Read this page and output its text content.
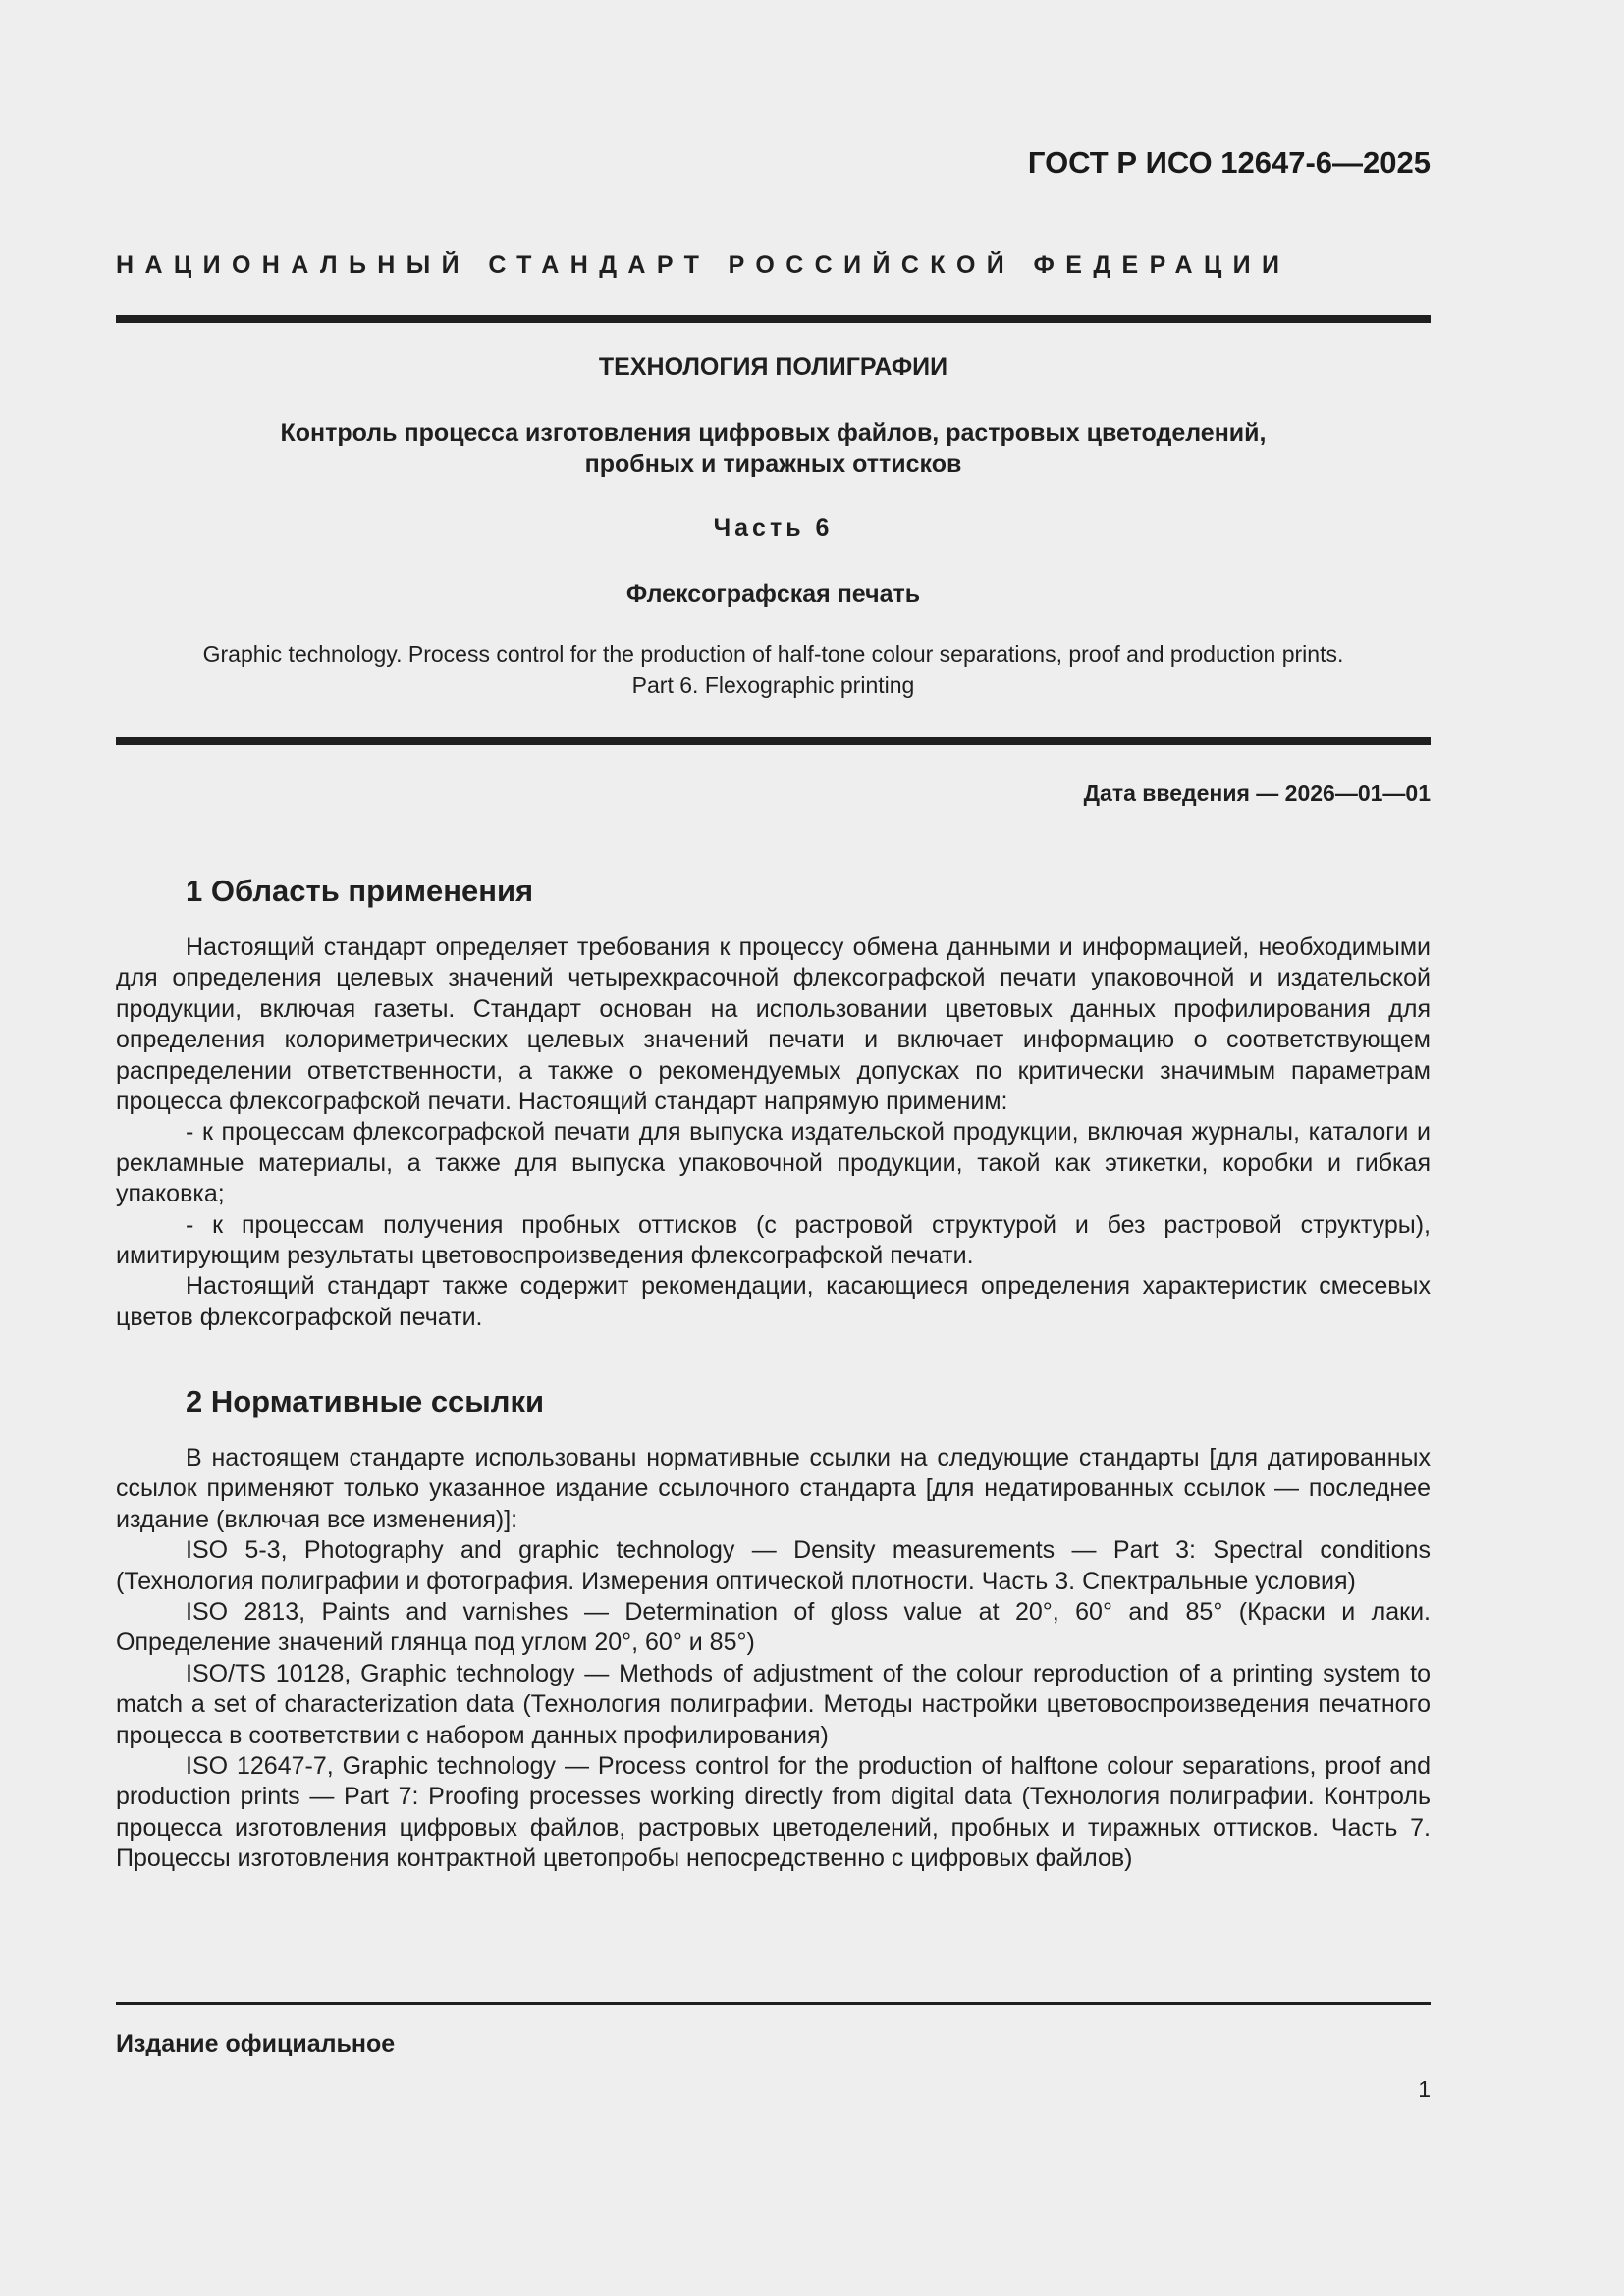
ГОСТ Р ИСО 12647-6—2025
НАЦИОНАЛЬНЫЙ СТАНДАРТ РОССИЙСКОЙ ФЕДЕРАЦИИ
ТЕХНОЛОГИЯ ПОЛИГРАФИИ
Контроль процесса изготовления цифровых файлов, растровых цветоделений,
пробных и тиражных оттисков
Часть 6
Флексографская печать
Graphic technology. Process control for the production of half-tone colour separations, proof and production prints.
Part 6. Flexographic printing
Дата введения — 2026—01—01
1 Область применения

Настоящий стандарт определяет требования к процессу обмена данными и информацией, необходимыми для определения целевых значений четырехкрасочной флексографской печати упаковочной и издательской продукции, включая газеты. Стандарт основан на использовании цветовых данных профилирования для определения колориметрических целевых значений печати и включает информацию о соответствующем распределении ответственности, а также о рекомендуемых допусках по критически значимым параметрам процесса флексографской печати. Настоящий стандарт напрямую применим:

- к процессам флексографской печати для выпуска издательской продукции, включая журналы, каталоги и рекламные материалы, а также для выпуска упаковочной продукции, такой как этикетки, коробки и гибкая упаковка;

- к процессам получения пробных оттисков (с растровой структурой и без растровой структуры), имитирующим результаты цветовоспроизведения флексографской печати.

Настоящий стандарт также содержит рекомендации, касающиеся определения характеристик смесевых цветов флексографской печати.

2 Нормативные ссылки

В настоящем стандарте использованы нормативные ссылки на следующие стандарты [для датированных ссылок применяют только указанное издание ссылочного стандарта [для недатированных ссылок — последнее издание (включая все изменения)]:

ISO 5-3, Photography and graphic technology — Density measurements — Part 3: Spectral conditions (Технология полиграфии и фотография. Измерения оптической плотности. Часть 3. Спектральные условия)

ISO 2813, Paints and varnishes — Determination of gloss value at 20°, 60° and 85° (Краски и лаки. Определение значений глянца под углом 20°, 60° и 85°)

ISO/TS 10128, Graphic technology — Methods of adjustment of the colour reproduction of a printing system to match a set of characterization data (Технология полиграфии. Методы настройки цветовоспроизведения печатного процесса в соответствии с набором данных профилирования)

ISO 12647-7, Graphic technology — Process control for the production of halftone colour separations, proof and production prints — Part 7: Proofing processes working directly from digital data (Технология полиграфии. Контроль процесса изготовления цифровых файлов, растровых цветоделений, пробных и тиражных оттисков. Часть 7. Процессы изготовления контрактной цветопробы непосредственно с цифровых файлов)

Издание официальное
1
